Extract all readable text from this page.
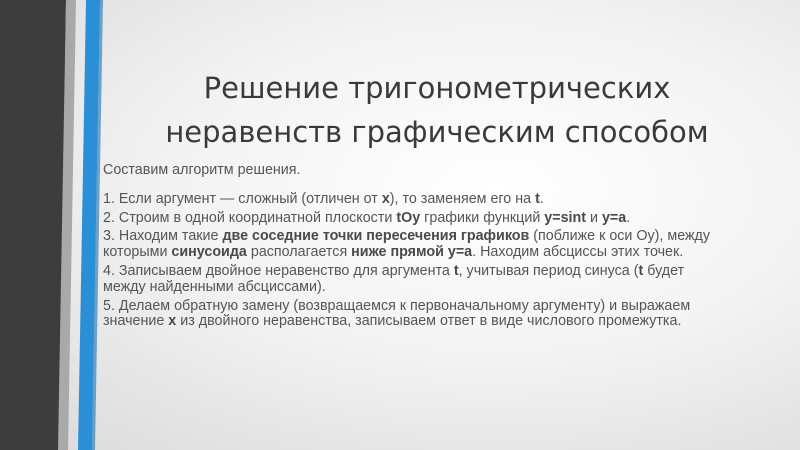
Решение тригонометрических неравенств графическим способом

Составим алгоритм решения.

1. Если аргумент — сложный (отличен от x), то заменяем его на t.
2. Строим в одной координатной плоскости tOy графики функций y=sint и y=a.
3. Находим такие две соседние точки пересечения графиков (поближе к оси Оу), между которыми синусоида располагается ниже прямой y=a. Находим абсциссы этих точек.
4. Записываем двойное неравенство для аргумента t, учитывая период синуса (t будет между найденными абсциссами).
5. Делаем обратную замену (возвращаемся к первоначальному аргументу) и выражаем значение x из двойного неравенства, записываем ответ в виде числового промежутка.
